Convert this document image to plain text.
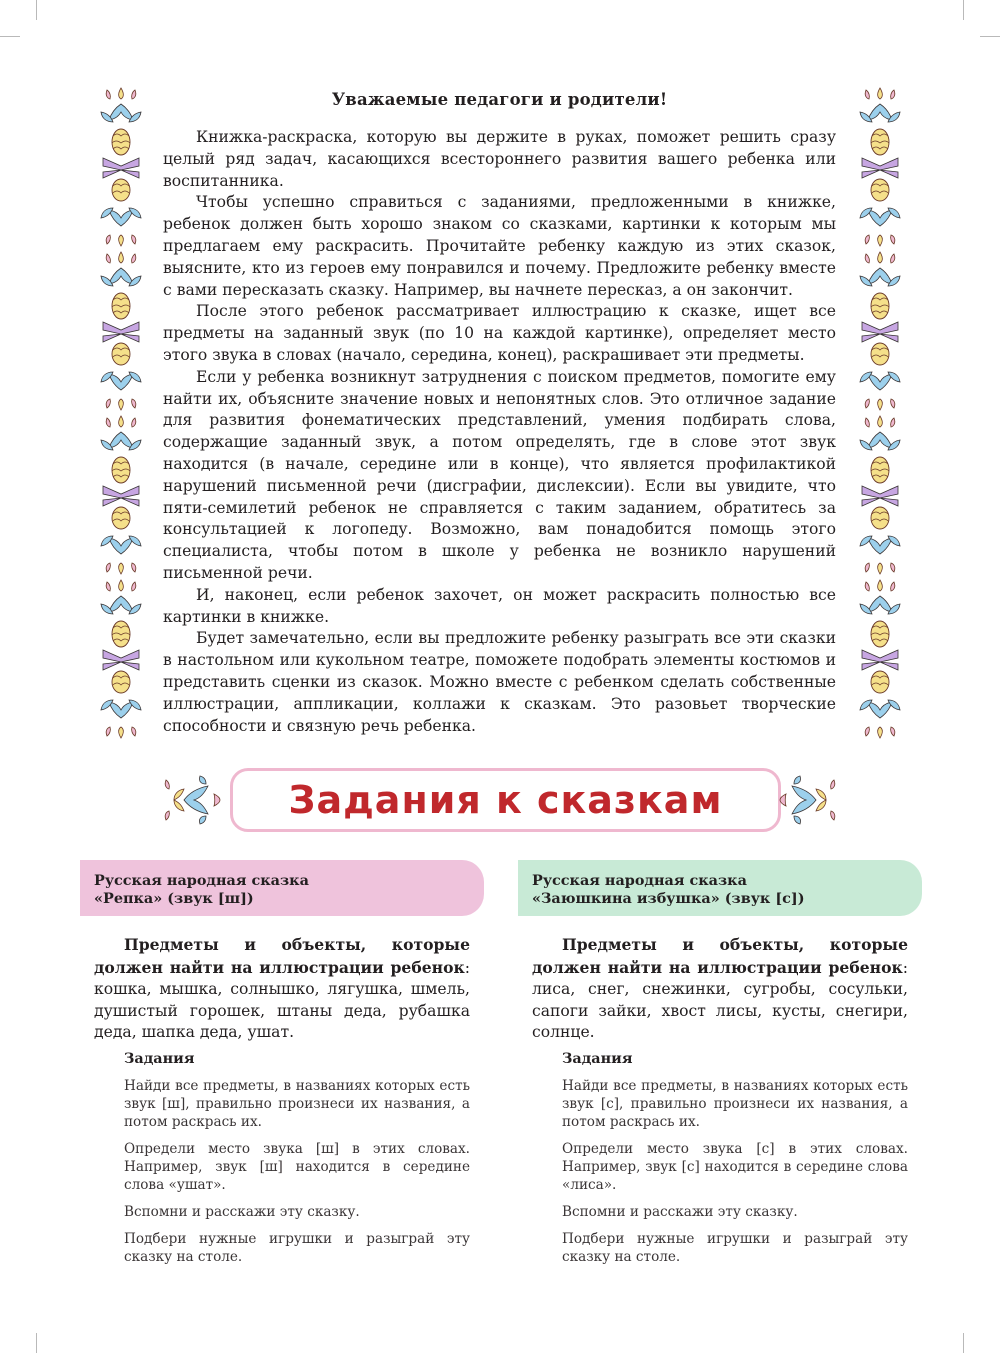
Уважаемые педагоги и родители!

Книжка-раскраска, которую вы держите в руках, поможет решить сразу целый ряд задач, касающихся всестороннего развития вашего ребенка или воспитанника.

Чтобы успешно справиться с заданиями, предложенными в книжке, ребенок должен быть хорошо знаком со сказками, картинки к которым мы предлагаем ему раскрасить. Прочитайте ребенку каждую из этих сказок, выясните, кто из героев ему понравился и почему. Предложите ребенку вместе с вами пересказать сказку. Например, вы начнете пересказ, а он закончит.

После этого ребенок рассматривает иллюстрацию к сказке, ищет все предметы на заданный звук (по 10 на каждой картинке), определяет место этого звука в словах (начало, середина, конец), раскрашивает эти предметы.

Если у ребенка возникнут затруднения с поиском предметов, помогите ему найти их, объясните значение новых и непонятных слов. Это отличное задание для развития фонематических представлений, умения подбирать слова, содержащие заданный звук, а потом определять, где в слове этот звук находится (в начале, середине или в конце), что является профилактикой нарушений письменной речи (дисграфии, дислексии). Если вы увидите, что пяти-семилетий ребенок не справляется с таким заданием, обратитесь за консультацией к логопеду. Возможно, вам понадобится помощь этого специалиста, чтобы потом в школе у ребенка не возникло нарушений письменной речи.

И, наконец, если ребенок захочет, он может раскрасить полностью все картинки в книжке.

Будет замечательно, если вы предложите ребенку разыграть все эти сказки в настольном или кукольном театре, поможете подобрать элементы костюмов и представить сценки из сказок. Можно вместе с ребенком сделать собственные иллюстрации, аппликации, коллажи к сказкам. Это разовьет творческие способности и связную речь ребенка.

Задания к сказкам
Русская народная сказка
«Репка» (звук [ш])

Предметы и объекты, которые должен найти на иллюстрации ребенок: кошка, мышка, солнышко, лягушка, шмель, душистый горошек, штаны деда, рубашка деда, шапка деда, ушат.

Задания

Найди все предметы, в названиях которых есть звук [ш], правильно произнеси их названия, а потом раскрась их.

Определи место звука [ш] в этих словах. Например, звук [ш] находится в середине слова «ушат».

Вспомни и расскажи эту сказку.

Подбери нужные игрушки и разыграй эту сказку на столе.

Русская народная сказка
«Заюшкина избушка» (звук [с])

Предметы и объекты, которые должен найти на иллюстрации ребенок: лиса, снег, снежинки, сугробы, сосульки, сапоги зайки, хвост лисы, кусты, снегири, солнце.

Задания

Найди все предметы, в названиях которых есть звук [с], правильно произнеси их названия, а потом раскрась их.

Определи место звука [с] в этих словах. Например, звук [с] находится в середине слова «лиса».

Вспомни и расскажи эту сказку.

Подбери нужные игрушки и разыграй эту сказку на столе.
